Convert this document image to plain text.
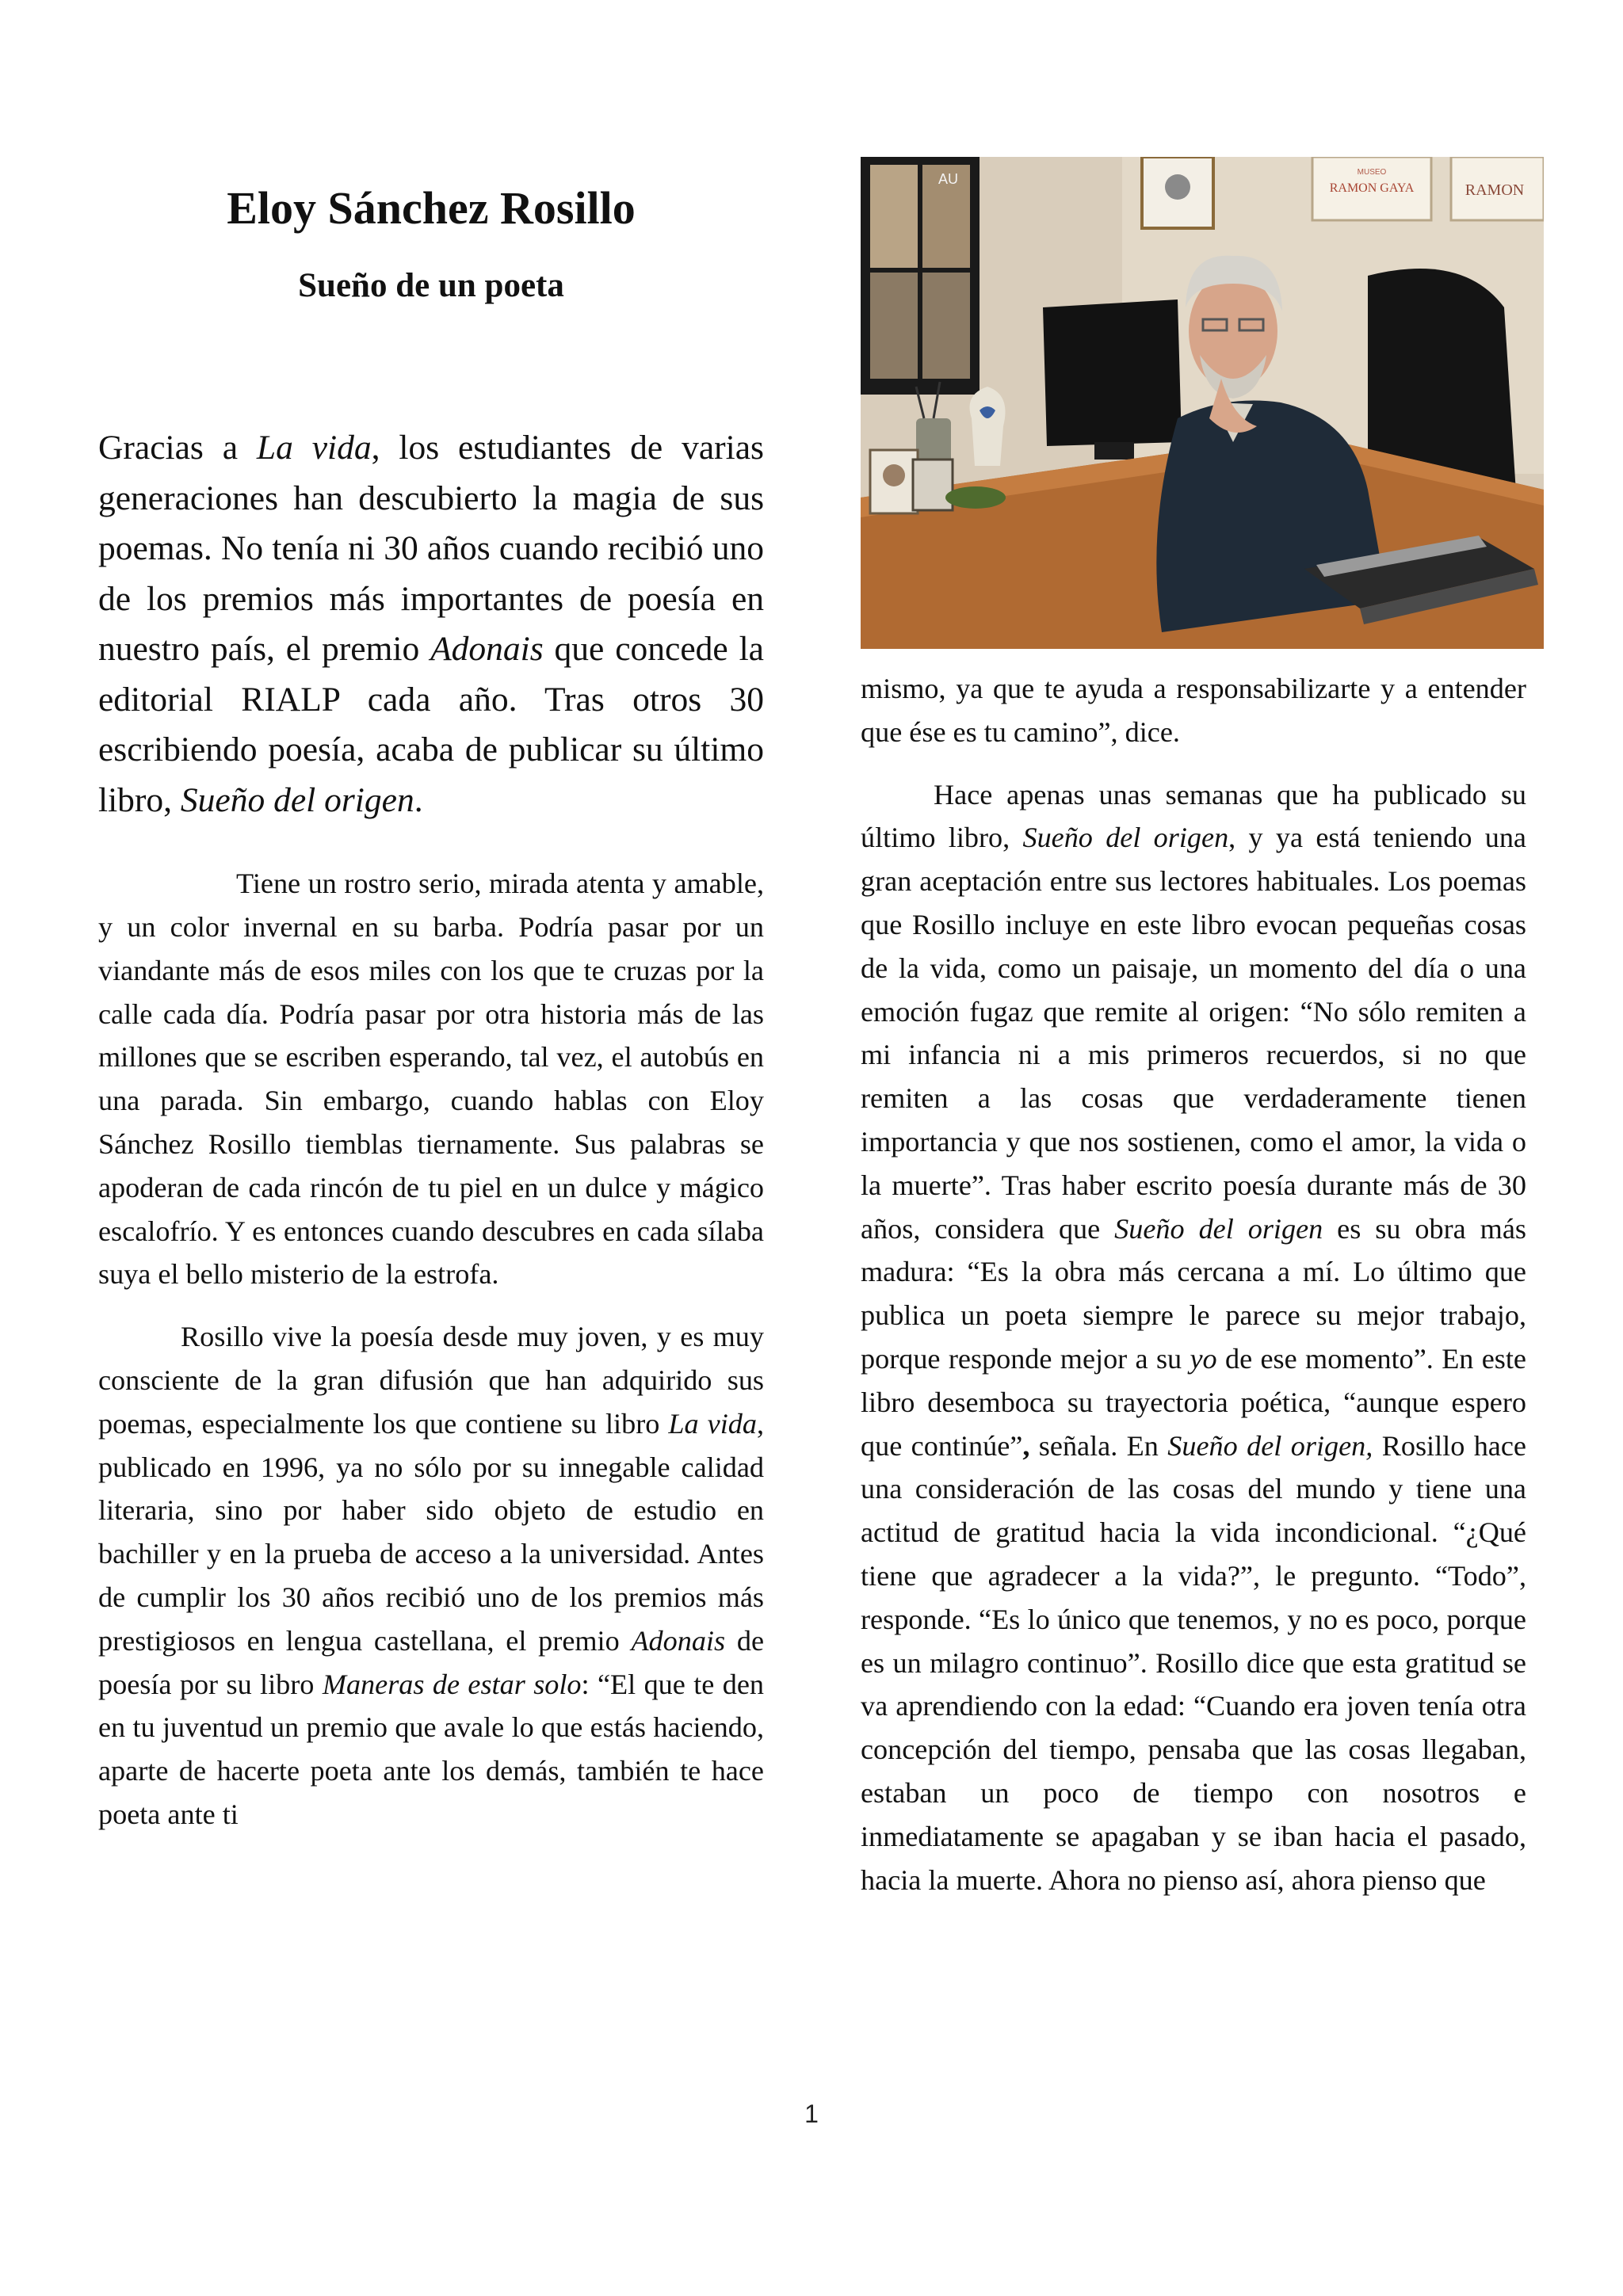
Eloy Sánchez Rosillo
Sueño de un poeta

Gracias a La vida, los estudiantes de varias generaciones han descubierto la magia de sus poemas. No tenía ni 30 años cuando recibió uno de los premios más importantes de poesía en nuestro país, el premio Adonais que concede la editorial RIALP cada año. Tras otros 30 escribiendo poesía, acaba de publicar su último libro, Sueño del origen.

Tiene un rostro serio, mirada atenta y amable, y un color invernal en su barba. Podría pasar por un viandante más de esos miles con los que te cruzas por la calle cada día. Podría pasar por otra historia más de las millones que se escriben esperando, tal vez, el autobús en una parada. Sin embargo, cuando hablas con Eloy Sánchez Rosillo tiemblas tiernamente. Sus palabras se apoderan de cada rincón de tu piel en un dulce y mágico escalofrío. Y es entonces cuando descubres en cada sílaba suya el bello misterio de la estrofa.

Rosillo vive la poesía desde muy joven, y es muy consciente de la gran difusión que han adquirido sus poemas, especialmente los que contiene su libro La vida, publicado en 1996, ya no sólo por su innegable calidad literaria, sino por haber sido objeto de estudio en bachiller y en la prueba de acceso a la universidad. Antes de cumplir los 30 años recibió uno de los premios más prestigiosos en lengua castellana, el premio Adonais de poesía por su libro Maneras de estar solo: “El que te den en tu juventud un premio que avale lo que estás haciendo, aparte de hacerte poeta ante los demás, también te hace poeta ante ti

AU	MUSEO
RAMON GAYA	RAMON

mismo, ya que te ayuda a responsabilizarte y a entender que ése es tu camino”, dice.

Hace apenas unas semanas que ha publicado su último libro, Sueño del origen, y ya está teniendo una gran aceptación entre sus lectores habituales. Los poemas que Rosillo incluye en este libro evocan pequeñas cosas de la vida, como un paisaje, un momento del día o una emoción fugaz que remite al origen: “No sólo remiten a mi infancia ni a mis primeros recuerdos, si no que remiten a las cosas que verdaderamente tienen importancia y que nos sostienen, como el amor, la vida o la muerte”. Tras haber escrito poesía durante más de 30 años, considera que Sueño del origen es su obra más madura: “Es la obra más cercana a mí. Lo último que publica un poeta siempre le parece su mejor trabajo, porque responde mejor a su yo de ese momento”. En este libro desemboca su trayectoria poética, “aunque espero que continúe”, señala. En Sueño del origen, Rosillo hace una consideración de las cosas del mundo y tiene una actitud de gratitud hacia la vida incondicional. “¿Qué tiene que agradecer a la vida?”, le pregunto. “Todo”, responde. “Es lo único que tenemos, y no es poco, porque es un milagro continuo”. Rosillo dice que esta gratitud se va aprendiendo con la edad: “Cuando era joven tenía otra concepción del tiempo, pensaba que las cosas llegaban, estaban un poco de tiempo con nosotros e inmediatamente se apagaban y se iban hacia el pasado, hacia la muerte. Ahora no pienso así, ahora pienso que

1
